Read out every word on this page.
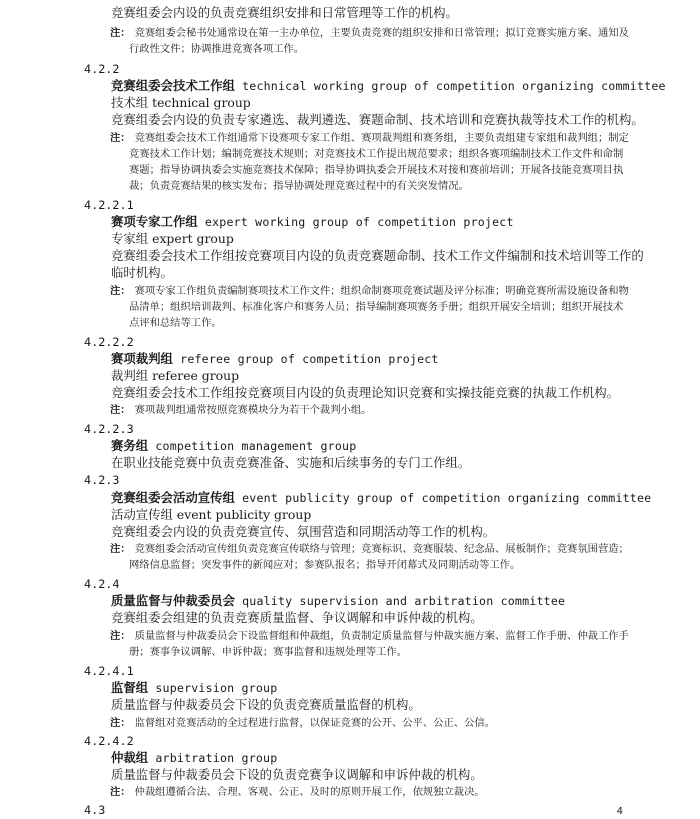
竞赛组委会内设的负责竞赛组织安排和日常管理等工作的机构。
注： 竞赛组委会秘书处通常设在第一主办单位，主要负责竞赛的组织安排和日常管理；拟订竞赛实施方案、通知及
行政性文件；协调推进竞赛各项工作。
4.2.2
竞赛组委会技术工作组 technical working group of competition organizing committee
技术组 technical group
竞赛组委会内设的负责专家遴选、裁判遴选、赛题命制、技术培训和竞赛执裁等技术工作的机构。
注： 竞赛组委会技术工作组通常下设赛项专家工作组、赛项裁判组和赛务组，主要负责组建专家组和裁判组；制定
竞赛技术工作计划；编制竞赛技术规则；对竞赛技术工作提出规范要求；组织各赛项编制技术工作文件和命制
赛题；指导协调执委会实施竞赛技术保障；指导协调执委会开展技术对接和赛前培训；开展各技能竞赛项目执
裁；负责竞赛结果的核实发布；指导协调处理竞赛过程中的有关突发情况。
4.2.2.1
赛项专家工作组 expert working group of competition project
专家组 expert group
竞赛组委会技术工作组按竞赛项目内设的负责竞赛题命制、技术工作文件编制和技术培训等工作的
临时机构。
注： 赛项专家工作组负责编制赛项技术工作文件；组织命制赛项竞赛试题及评分标准；明确竞赛所需设施设备和物
品清单；组织培训裁判、标准化客户和赛务人员；指导编制赛项赛务手册；组织开展安全培训；组织开展技术
点评和总结等工作。
4.2.2.2
赛项裁判组 referee group of competition project
裁判组 referee group
竞赛组委会技术工作组按竞赛项目内设的负责理论知识竞赛和实操技能竞赛的执裁工作机构。
注： 赛项裁判组通常按照竞赛模块分为若干个裁判小组。
4.2.2.3
赛务组 competition management group
在职业技能竞赛中负责竞赛准备、实施和后续事务的专门工作组。
4.2.3
竞赛组委会活动宣传组 event publicity group of competition organizing committee
活动宣传组 event publicity group
竞赛组委会内设的负责竞赛宣传、氛围营造和同期活动等工作的机构。
注： 竞赛组委会活动宣传组负责竞赛宣传联络与管理；竞赛标识、竞赛服装、纪念品、展板制作；竞赛氛围营造；
网络信息监督；突发事件的新闻应对；参赛队报名；指导开闭幕式及同期活动等工作。
4.2.4
质量监督与仲裁委员会 quality supervision and arbitration committee
竞赛组委会组建的负责竞赛质量监督、争议调解和申诉仲裁的机构。
注： 质量监督与仲裁委员会下设监督组和仲裁组，负责制定质量监督与仲裁实施方案、监督工作手册、仲裁工作手
册；赛事争议调解、申诉仲裁；赛事监督和违规处理等工作。
4.2.4.1
监督组 supervision group
质量监督与仲裁委员会下设的负责竞赛质量监督的机构。
注： 监督组对竞赛活动的全过程进行监督，以保证竞赛的公开、公平、公正、公信。
4.2.4.2
仲裁组 arbitration group
质量监督与仲裁委员会下设的负责竞赛争议调解和申诉仲裁的机构。
注： 仲裁组遵循合法、合理、客观、公正、及时的原则开展工作，依规独立裁决。
4.3	4
